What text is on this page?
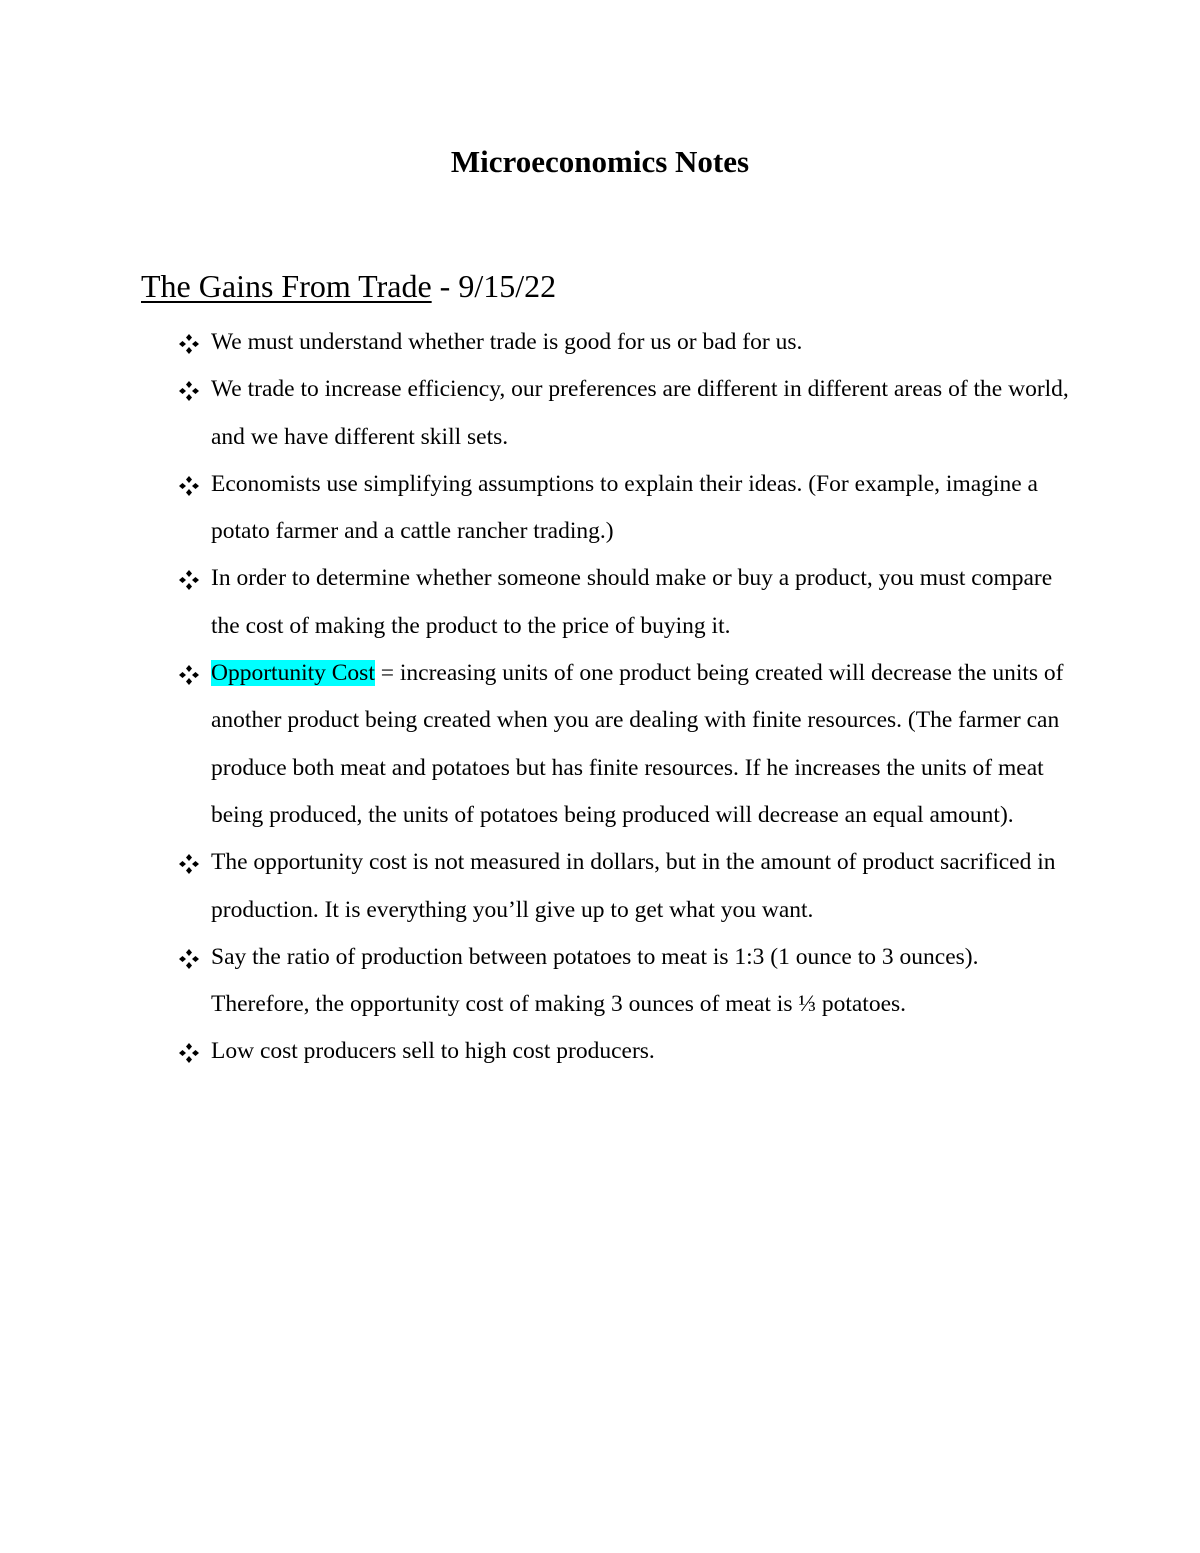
Microeconomics Notes
The Gains From Trade - 9/15/22
We must understand whether trade is good for us or bad for us.
We trade to increase efficiency, our preferences are different in different areas of the world, and we have different skill sets.
Economists use simplifying assumptions to explain their ideas. (For example, imagine a potato farmer and a cattle rancher trading.)
In order to determine whether someone should make or buy a product, you must compare the cost of making the product to the price of buying it.
Opportunity Cost = increasing units of one product being created will decrease the units of another product being created when you are dealing with finite resources. (The farmer can produce both meat and potatoes but has finite resources. If he increases the units of meat being produced, the units of potatoes being produced will decrease an equal amount).
The opportunity cost is not measured in dollars, but in the amount of product sacrificed in production. It is everything you’ll give up to get what you want.
Say the ratio of production between potatoes to meat is 1:3 (1 ounce to 3 ounces). Therefore, the opportunity cost of making 3 ounces of meat is ⅓ potatoes.
Low cost producers sell to high cost producers.
